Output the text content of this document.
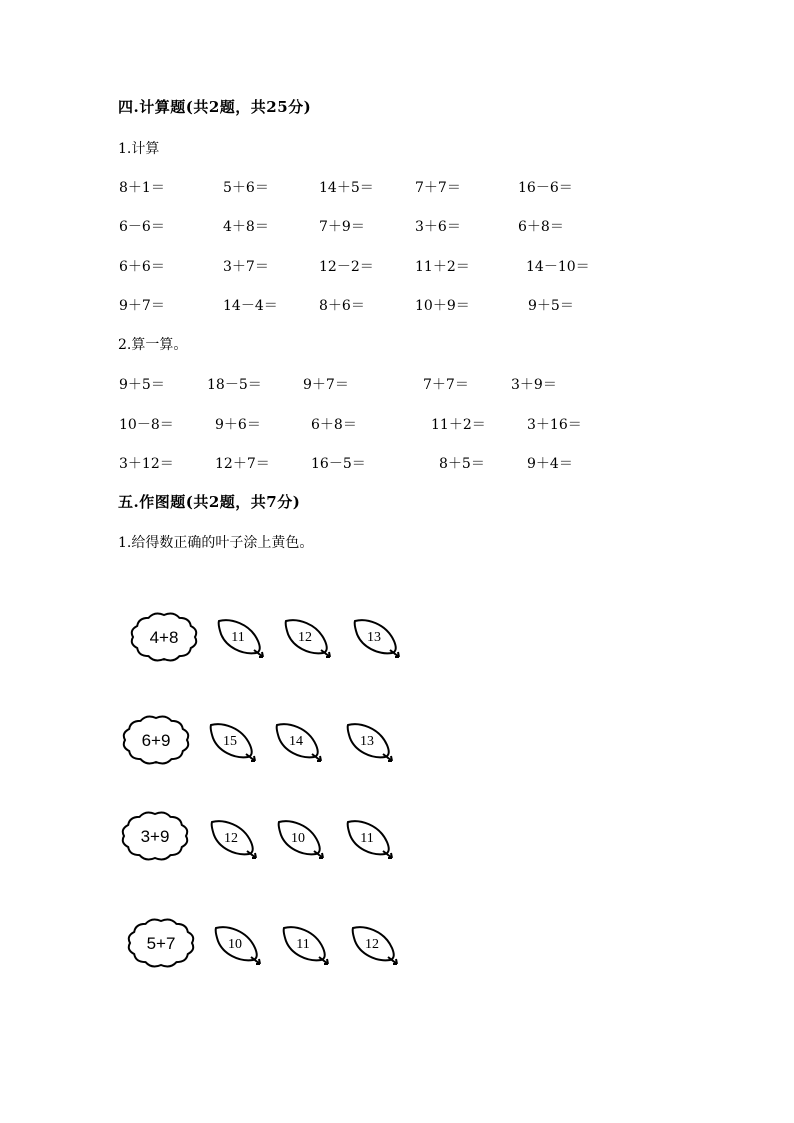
四.计算题(共2题，共25分)
1.计算
8＋1＝	5＋6＝	14＋5＝	7＋7＝	16－6＝
6－6＝	4＋8＝	7＋9＝	3＋6＝	6＋8＝
6＋6＝	3＋7＝	12－2＝	11＋2＝	14－10＝
9＋7＝	14－4＝	8＋6＝	10＋9＝	9＋5＝
2.算一算。
9＋5＝	18－5＝	9＋7＝	7＋7＝	3＋9＝
10－8＝	9＋6＝	6＋8＝	11＋2＝	3＋16＝
3＋12＝	12＋7＝	16－5＝	8＋5＝	9＋4＝
五.作图题(共2题，共7分)
1.给得数正确的叶子涂上黄色。
4+8	11	12	13
6+9	15	14	13
3+9	12	10	11
5+7	10	11	12
